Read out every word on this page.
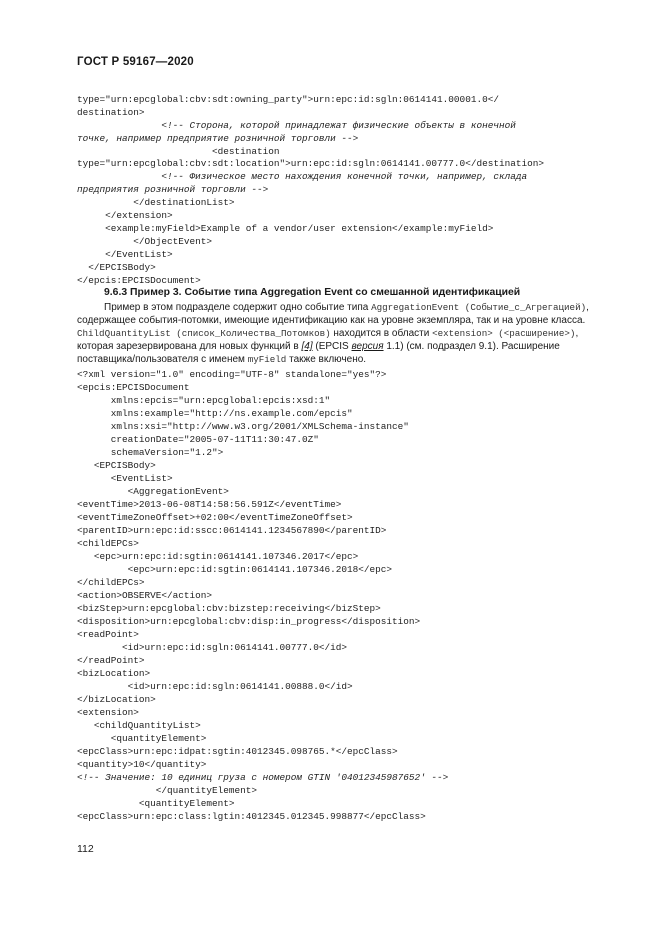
ГОСТ Р 59167—2020
type="urn:epcglobal:cbv:sdt:owning_party">urn:epc:id:sgln:0614141.00001.0</
destination>
<!-- Сторона, которой принадлежат физические объекты в конечной
точке, например предприятие розничной торговли -->
<destination
type="urn:epcglobal:cbv:sdt:location">urn:epc:id:sgln:0614141.00777.0</destination>
<!-- Физическое место нахождения конечной точки, например, склада
предприятия розничной торговли -->
</destinationList>
</extension>
<example:myField>Example of a vendor/user extension</example:myField>
</ObjectEvent>
</EventList>
</EPCISBody>
</epcis:EPCISDocument>
9.6.3 Пример 3. Событие типа Aggregation Event со смешанной идентификацией
Пример в этом подразделе содержит одно событие типа AggregationEvent (Событие_с_Агрегацией), содержащее события-потомки, имеющие идентификацию как на уровне экземпляра, так и на уровне класса. ChildQuantityList (список_Количества_Потомков) находится в области <extension> (<расширение>), которая зарезервирована для новых функций в [4] (EPCIS версия 1.1) (см. подраздел 9.1). Расширение поставщика/пользователя с именем myField также включено.
<?xml version="1.0" encoding="UTF-8" standalone="yes"?>
<epcis:EPCISDocument
xmlns:epcis="urn:epcglobal:epcis:xsd:1"
xmlns:example="http://ns.example.com/epcis"
xmlns:xsi="http://www.w3.org/2001/XMLSchema-instance"
creationDate="2005-07-11T11:30:47.0Z"
schemaVersion="1.2">
<EPCISBody>
<EventList>
<AggregationEvent>
<eventTime>2013-06-08T14:58:56.591Z</eventTime>
<eventTimeZoneOffset>+02:00</eventTimeZoneOffset>
<parentID>urn:epc:id:sscc:0614141.1234567890</parentID>
<childEPCs>
<epc>urn:epc:id:sgtin:0614141.107346.2017</epc>
<epc>urn:epc:id:sgtin:0614141.107346.2018</epc>
</childEPCs>
<action>OBSERVE</action>
<bizStep>urn:epcglobal:cbv:bizstep:receiving</bizStep>
<disposition>urn:epcglobal:cbv:disp:in_progress</disposition>
<readPoint>
<id>urn:epc:id:sgln:0614141.00777.0</id>
</readPoint>
<bizLocation>
<id>urn:epc:id:sgln:0614141.00888.0</id>
</bizLocation>
<extension>
<childQuantityList>
<quantityElement>
<epcClass>urn:epc:idpat:sgtin:4012345.098765.*</epcClass>
<quantity>10</quantity>
<!-- Значение: 10 единиц груза с номером GTIN '04012345987652' -->
</quantityElement>
<quantityElement>
<epcClass>urn:epc:class:lgtin:4012345.012345.998877</epcClass>
112
